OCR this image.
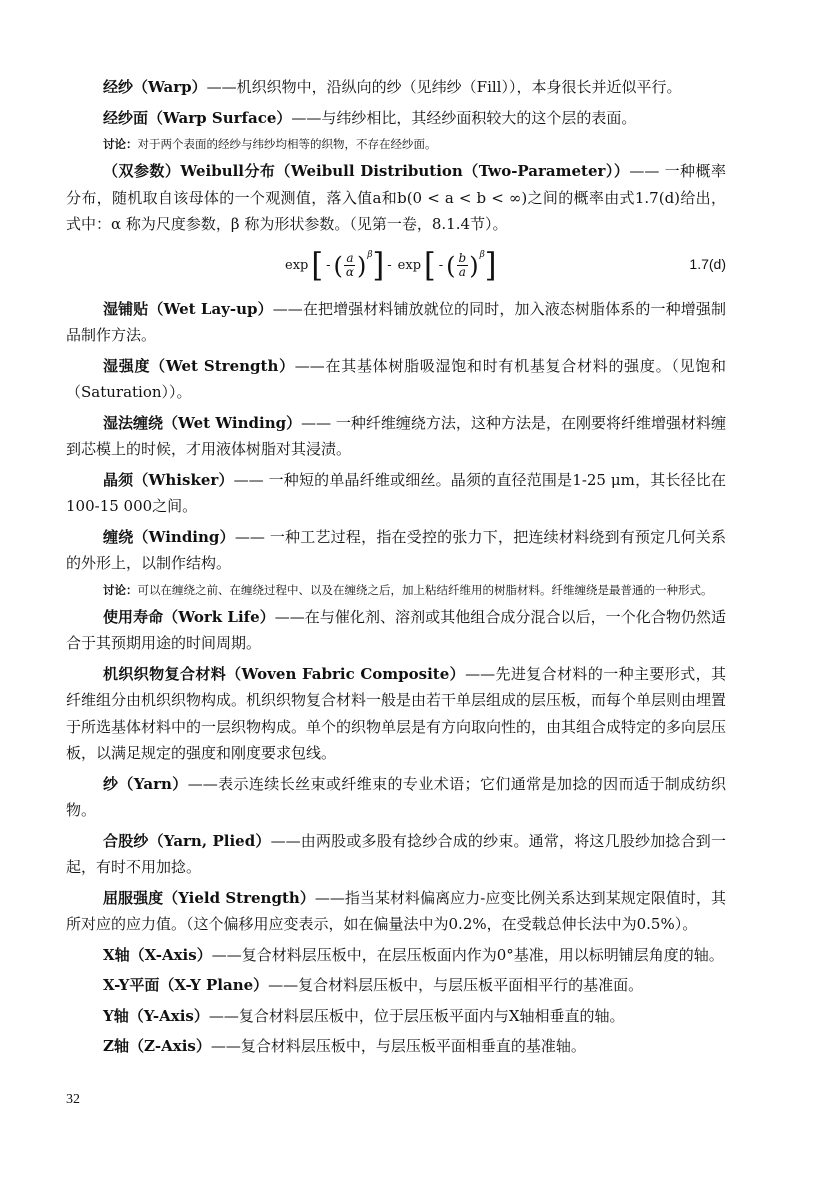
经纱（Warp）——机织织物中，沿纵向的纱（见纬纱（Fill）），本身很长并近似平行。

经纱面（Warp Surface）——与纬纱相比，其经纱面积较大的这个层的表面。

讨论：对于两个表面的经纱与纬纱均相等的织物，不存在经纱面。

（双参数）Weibull分布（Weibull Distribution（Two-Parameter））—— 一种概率分布，随机取自该母体的一个观测值，落入值a和b(0 < a < b < ∞)之间的概率由式1.7(d)给出，式中：α 称为尺度参数，β 称为形状参数。（见第一卷，8.1.4节）。

exp [ - ( $\frac{a}{\alpha}$ ) β ] - exp [ - ( $\frac{b}{a}$ ) β ]	1.7(d)

湿铺贴（Wet Lay-up）——在把增强材料铺放就位的同时，加入液态树脂体系的一种增强制品制作方法。

湿强度（Wet Strength）——在其基体树脂吸湿饱和时有机基复合材料的强度。（见饱和（Saturation））。

湿法缠绕（Wet Winding）—— 一种纤维缠绕方法，这种方法是，在刚要将纤维增强材料缠到芯模上的时候，才用液体树脂对其浸渍。

晶须（Whisker）—— 一种短的单晶纤维或细丝。晶须的直径范围是1-25 μm，其长径比在100-15 000之间。

缠绕（Winding）—— 一种工艺过程，指在受控的张力下，把连续材料绕到有预定几何关系的外形上，以制作结构。

讨论：可以在缠绕之前、在缠绕过程中、以及在缠绕之后，加上粘结纤维用的树脂材料。纤维缠绕是最普通的一种形式。

使用寿命（Work Life）——在与催化剂、溶剂或其他组合成分混合以后，一个化合物仍然适合于其预期用途的时间周期。

机织织物复合材料（Woven Fabric Composite）——先进复合材料的一种主要形式，其纤维组分由机织织物构成。机织织物复合材料一般是由若干单层组成的层压板，而每个单层则由埋置于所选基体材料中的一层织物构成。单个的织物单层是有方向取向性的，由其组合成特定的多向层压板，以满足规定的强度和刚度要求包线。

纱（Yarn）——表示连续长丝束或纤维束的专业术语；它们通常是加捻的因而适于制成纺织物。

合股纱（Yarn, Plied）——由两股或多股有捻纱合成的纱束。通常，将这几股纱加捻合到一起，有时不用加捻。

屈服强度（Yield Strength）——指当某材料偏离应力-应变比例关系达到某规定限值时，其所对应的应力值。（这个偏移用应变表示，如在偏量法中为0.2%，在受载总伸长法中为0.5%）。

X轴（X-Axis）——复合材料层压板中，在层压板面内作为0°基准，用以标明铺层角度的轴。

X-Y平面（X-Y Plane）——复合材料层压板中，与层压板平面相平行的基准面。

Y轴（Y-Axis）——复合材料层压板中，位于层压板平面内与X轴相垂直的轴。

Z轴（Z-Axis）——复合材料层压板中，与层压板平面相垂直的基准轴。

32
